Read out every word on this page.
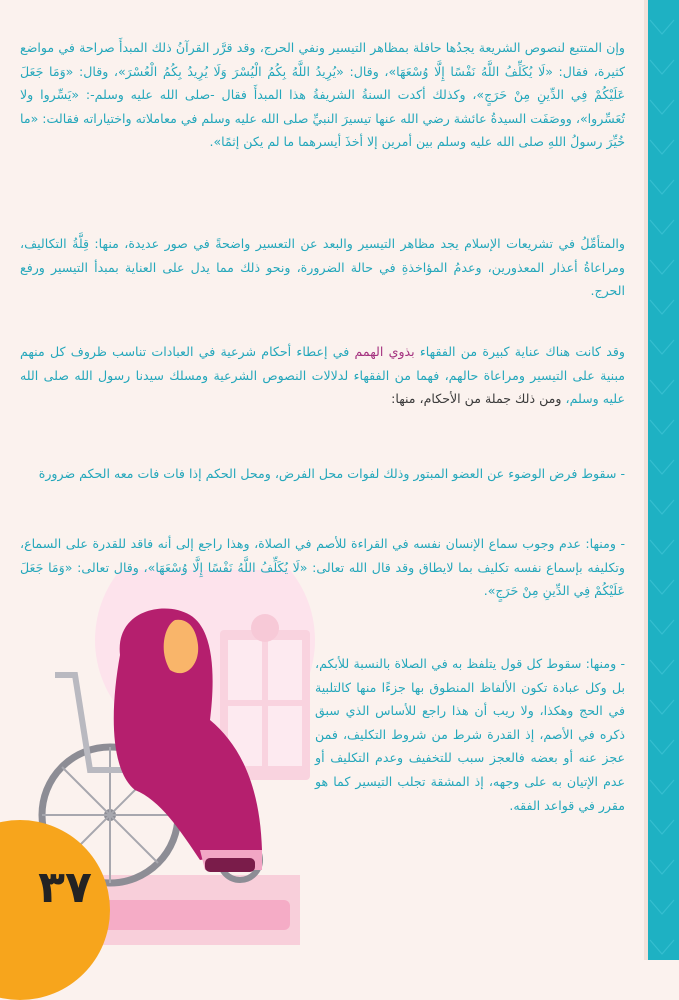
٣٧

وإن المتتبع لنصوص الشريعة يجدُها حافلة بمظاهر التيسير ونفي الحرج، وقد قرَّر القرآنُ ذلك المبدأَ صراحة في مواضع كثيرة، فقال: «لَا يُكَلِّفُ اللَّهُ نَفْسًا إِلَّا وُسْعَهَا»، وقال: «يُرِيدُ اللَّهُ بِكُمُ الْيُسْرَ وَلَا يُرِيدُ بِكُمُ الْعُسْرَ»، وقال: «وَمَا جَعَلَ عَلَيْكُمْ فِي الدِّينِ مِنْ حَرَجٍ»، وكذلك أكدت السنةُ الشريفةُ هذا المبدأَ فقال -صلى الله عليه وسلم-: «يَسِّروا ولا تُعَسِّروا»، ووصَفَت السيدةُ عائشة رضي الله عنها تيسيرَ النبيِّ صلى الله عليه وسلم في معاملاته واختياراته فقالت: «ما خُيِّرَ رسولُ اللهِ صلى الله عليه وسلم بين أمرين إلا أخذَ أيسرهما ما لم يكن إثمًا».

والمتأمِّلُ في تشريعات الإسلام يجد مظاهر التيسير والبعد عن التعسير واضحةً في صور عديدة، منها: قِلَّةُ التكاليف، ومراعاةُ أعذار المعذورين، وعدمُ المؤاخذةِ في حالة الضرورة، ونحو ذلك مما يدل على العناية بمبدأ التيسير ورفع الحرج.

وقد كانت هناك عناية كبيرة من الفقهاء بذوي الهمم في إعطاء أحكام شرعية في العبادات تناسب ظروف كل منهم مبنية على التيسير ومراعاة حالهم، فهما من الفقهاء لدلالات النصوص الشرعية ومسلك سيدنا رسول الله صلى الله عليه وسلم، ومن ذلك جملة من الأحكام، منها:

- سقوط فرض الوضوء عن العضو المبتور وذلك لفوات محل الفرض، ومحل الحكم إذا فات فات معه الحكم ضرورة

- ومنها: عدم وجوب سماع الإنسان نفسه في القراءة للأصم في الصلاة، وهذا راجع إلى أنه فاقد للقدرة على السماع، وتكليفه بإسماع نفسه تكليف بما لايطاق وقد قال الله تعالى: «لَا يُكَلِّفُ اللَّهُ نَفْسًا إِلَّا وُسْعَهَا»، وقال تعالى: «وَمَا جَعَلَ عَلَيْكُمْ فِي الدِّينِ مِنْ حَرَجٍ».

- ومنها: سقوط كل قول يتلفظ به في الصلاة بالنسبة للأبكم، بل وكل عبادة تكون الألفاظ المنطوق بها جزءًا منها كالتلبية في الحج وهكذا، ولا ريب أن هذا راجع للأساس الذي سبق ذكره في الأصم، إذ القدرة شرط من شروط التكليف، فمن عجز عنه أو بعضه فالعجز سبب للتخفيف وعدم التكليف أو عدم الإتيان به على وجهه، إذ المشقة تجلب التيسير كما هو مقرر في قواعد الفقه.
